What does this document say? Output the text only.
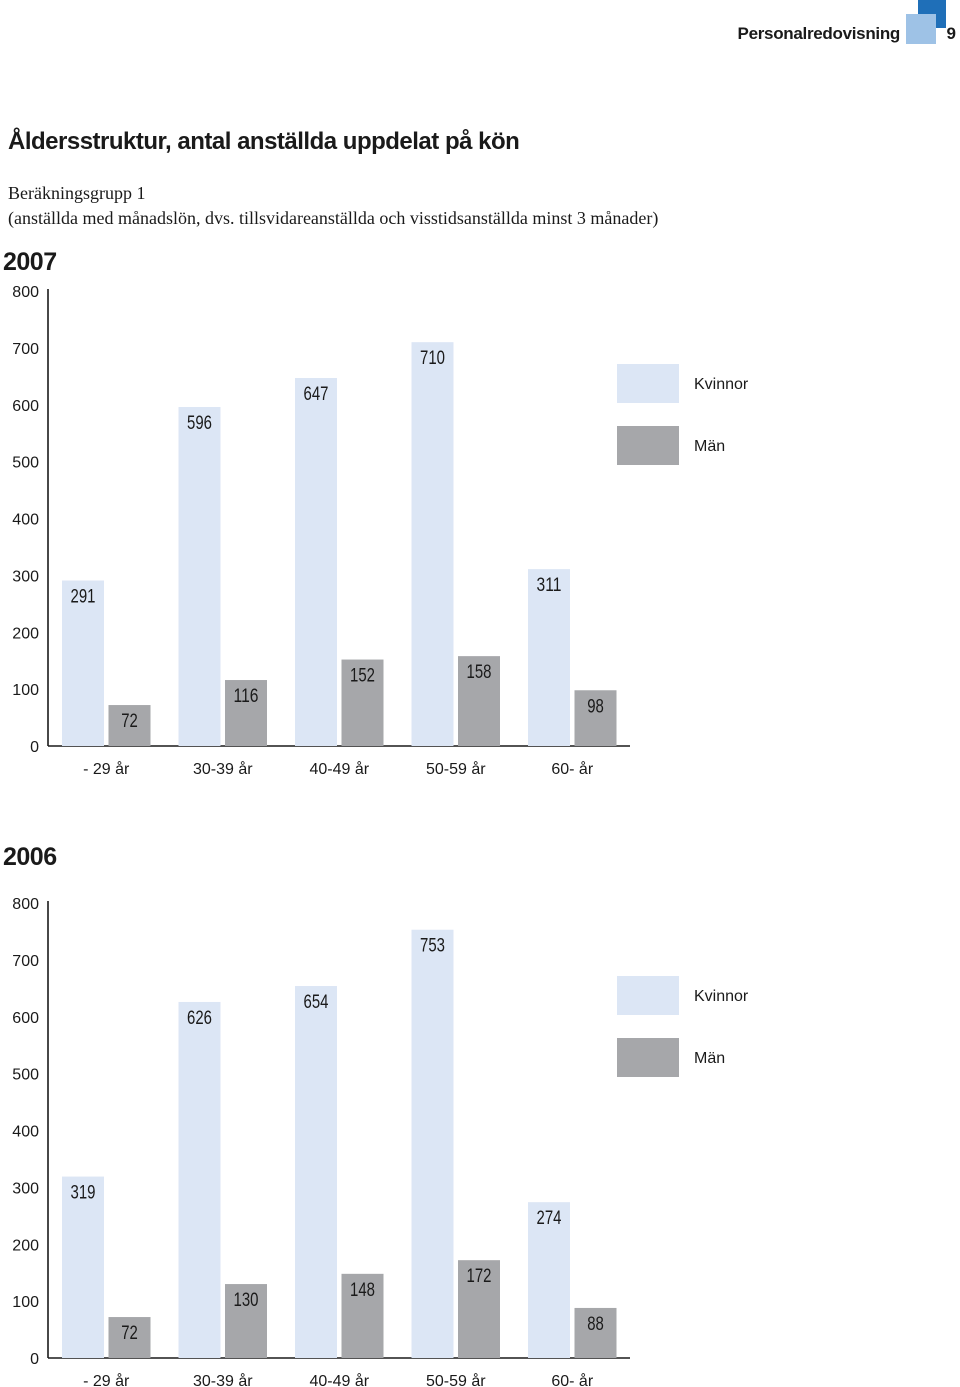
Personalredovisning	9
Åldersstruktur, antal anställda uppdelat på kön
Beräkningsgrupp 1
(anställda med månadslön, dvs. tillsvidareanställda och visstidsanställda minst 3 månader)
2007
0
100
200
300
400
500
600
700
800
291
72
- 29 år
596
116
30-39 år
647
152
40-49 år
710
158
50-59 år
311
98
60- år
Kvinnor
Män
2006
0
100
200
300
400
500
600
700
800
319
72
- 29 år
626
130
30-39 år
654
148
40-49 år
753
172
50-59 år
274
88
60- år
Kvinnor
Män
